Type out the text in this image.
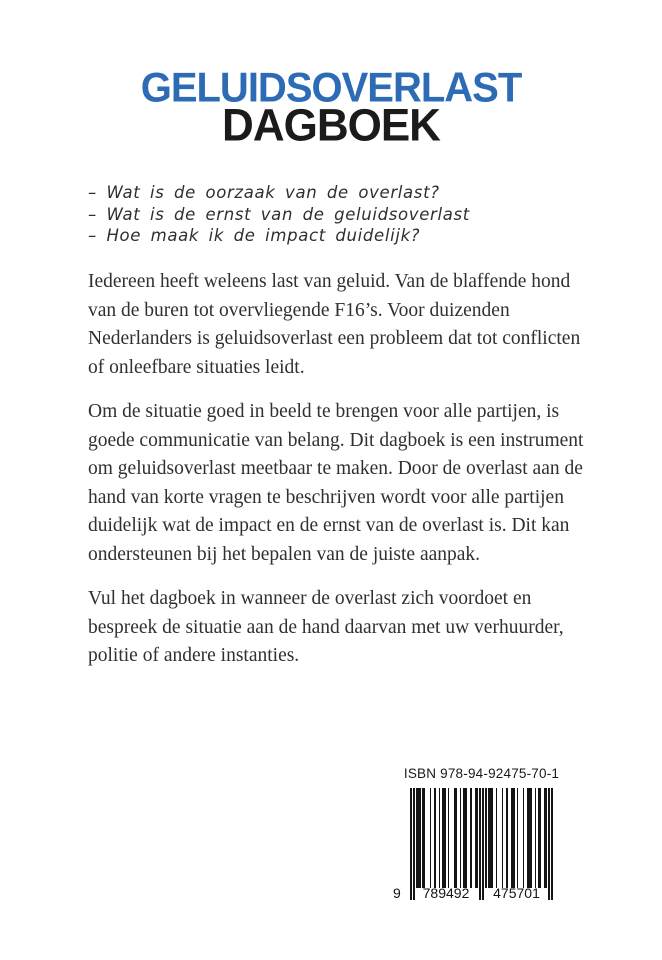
GELUIDSOVERLAST
DAGBOEK
– Wat is de oorzaak van de overlast?
– Wat is de ernst van de geluidsoverlast
– Hoe maak ik de impact duidelijk?

Iedereen heeft weleens last van geluid. Van de blaffende hond van de buren tot overvliegende F16’s. Voor duizenden Nederlanders is geluidsoverlast een probleem dat tot conflicten of onleefbare situaties leidt.

Om de situatie goed in beeld te brengen voor alle partijen, is goede communicatie van belang. Dit dagboek is een instrument om geluidsoverlast meetbaar te maken. Door de overlast aan de hand van korte vragen te beschrijven wordt voor alle partijen duidelijk wat de impact en de ernst van de overlast is. Dit kan ondersteunen bij het bepalen van de juiste aanpak.

Vul het dagboek in wanneer de overlast zich voordoet en bespreek de situatie aan de hand daarvan met uw verhuurder, politie of andere instanties.

ISBN 978-94-92475-70-1
9	789492	475701
